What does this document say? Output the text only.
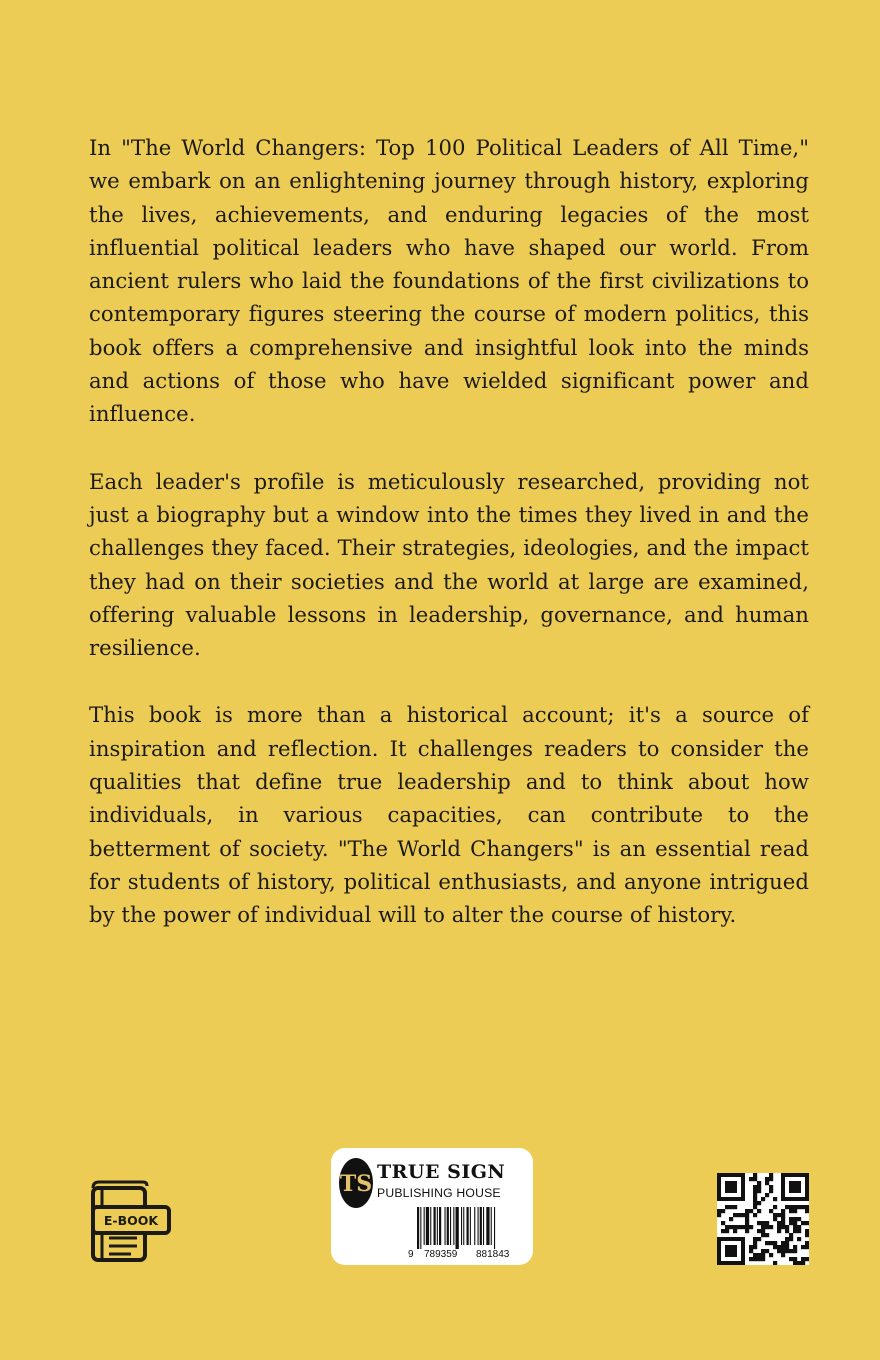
In "The World Changers: Top 100 Political Leaders of All Time," we embark on an enlightening journey through history, exploring the lives, achievements, and enduring legacies of the most influential political leaders who have shaped our world. From ancient rulers who laid the foundations of the first civilizations to contemporary figures steering the course of modern politics, this book offers a comprehensive and insightful look into the minds and actions of those who have wielded significant power and influence.

Each leader's profile is meticulously researched, providing not just a biography but a window into the times they lived in and the challenges they faced. Their strategies, ideologies, and the impact they had on their societies and the world at large are examined, offering valuable lessons in leadership, governance, and human resilience.

This book is more than a historical account; it's a source of inspiration and reflection. It challenges readers to consider the qualities that define true leadership and to think about how individuals, in various capacities, can contribute to the betterment of society. "The World Changers" is an essential read for students of history, political enthusiasts, and anyone intrigued by the power of individual will to alter the course of history.

E-BOOK
TS TRUE SIGN
PUBLISHING HOUSE
9 789359 881843
